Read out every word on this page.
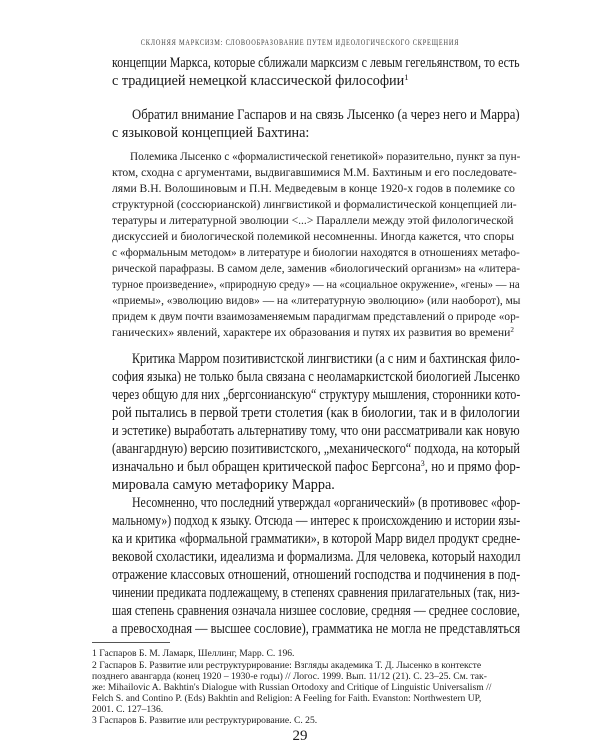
СКЛОНЯЯ МАРКСИЗМ: СЛОВООБРАЗОВАНИЕ ПУТЕМ ИДЕОЛОГИЧЕСКОГО СКРЕЩЕНИЯ
концепции Маркса, которые сближали марксизм с левым гегельянством, то есть
с традицией немецкой классической философии$^1$
Обратил внимание Гаспаров и на связь Лысенко (а через него и Марра)
с языковой концепцией Бахтина:
Полемика Лысенко с «формалистической генетикой» поразительно, пункт за пун-
ктом, сходна с аргументами, выдвигавшимися М.М. Бахтиным и его последовате-
лями В.Н. Волошиновым и П.Н. Медведевым в конце 1920-х годов в полемике со
структурной (соссюрианской) лингвистикой и формалистической концепцией ли-
тературы и литературной эволюции <...> Параллели между этой филологической
дискуссией и биологической полемикой несомненны. Иногда кажется, что споры
с «формальным методом» в литературе и биологии находятся в отношениях метафо-
рической парафразы. В самом деле, заменив «биологический организм» на «литера-
турное произведение», «природную среду» — на «социальное окружение», «гены» — на
«приемы», «эволюцию видов» — на «литературную эволюцию» (или наоборот), мы
придем к двум почти взаимозаменяемым парадигмам представлений о природе «ор-
ганических» явлений, характере их образования и путях их развития во времени$^2$
Критика Марром позитивистской лингвистики (а с ним и бахтинская фило-
софия языка) не только была связана с неоламаркистской биологией Лысенко
через общую для них „бергсонианскую“ структуру мышления, сторонники кото-
рой пытались в первой трети столетия (как в биологии, так и в филологии
и эстетике) выработать альтернативу тому, что они рассматривали как новую
(авангардную) версию позитивистского, „механического“ подхода, на который
изначально и был обращен критической пафос Бергсона$^3$, но и прямо фор-
мировала самую метафорику Марра.
Несомненно, что последний утверждал «органический» (в противовес «фор-
мальному») подход к языку. Отсюда — интерес к происхождению и истории язы-
ка и критика «формальной грамматики», в которой Марр видел продукт средне-
вековой схоластики, идеализма и формализма. Для человека, который находил
отражение классовых отношений, отношений господства и подчинения в под-
чинении предиката подлежащему, в степенях сравнения прилагательных (так, низ-
шая степень сравнения означала низшее сословие, средняя — среднее сословие,
а превосходная — высшее сословие), грамматика не могла не представляться
1 Гаспаров Б. М. Ламарк, Шеллинг, Марр. С. 196.
2 Гаспаров Б. Развитие или реструктурирование: Взгляды академика Т. Д. Лысенко в контексте
позднего авангарда (конец 1920 – 1930-е годы) // Логос. 1999. Вып. 11/12 (21). С. 23–25. См. так-
же: Mihailovic A. Bakhtin's Dialogue with Russian Ortodoxy and Critique of Linguistic Universalism //
Felch S. and Contino P. (Eds) Bakhtin and Religion: A Feeling for Faith. Evanston: Northwestern UP,
2001. С. 127–136.
3 Гаспаров Б. Развитие или реструктурирование. С. 25.
29
